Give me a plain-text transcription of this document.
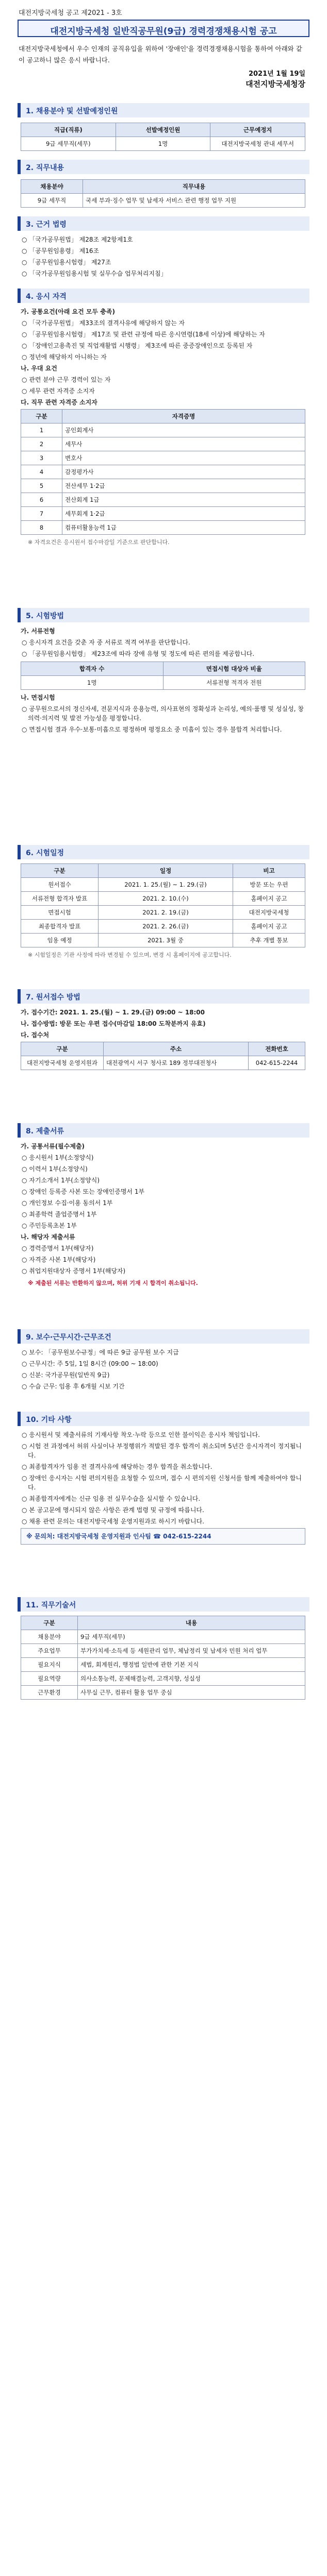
대전지방국세청 공고 제2021 - 3호
대전지방국세청 일반직공무원(9급) 경력경쟁채용시험 공고
대전지방국세청에서 우수 인재의 공직유입을 위하여 '장애인'을 경력경쟁채용시험을 통하여 아래와 같이 공고하니 많은 응시 바랍니다.
2021년 1월 19일
대전지방국세청장
1. 채용분야 및 선발예정인원
직급(직류)	선발예정인원	근무예정지
9급 세무직(세무)	1명	대전지방국세청 관내 세무서
2. 직무내용
채용분야	직무내용
9급 세무직	국세 부과·징수 업무 및 납세자 서비스 관련 행정 업무 지원
3. 근거 법령

○ 「국가공무원법」 제28조 제2항제1호

○ 「공무원임용령」 제16조

○ 「공무원임용시험령」 제27조

○ 「국가공무원임용시험 및 실무수습 업무처리지침」

4. 응시 자격

가. 공통요건(아래 요건 모두 충족)

○ 「국가공무원법」 제33조의 결격사유에 해당하지 않는 자

○ 「공무원임용시험령」 제17조 및 관련 규정에 따른 응시연령(18세 이상)에 해당하는 자

○ 「장애인고용촉진 및 직업재활법 시행령」 제3조에 따른 중증장애인으로 등록된 자

○ 정년에 해당하지 아니하는 자

나. 우대 요건

○ 관련 분야 근무 경력이 있는 자

○ 세무 관련 자격증 소지자

다. 직무 관련 자격증 소지자

구분	자격증명
1	공인회계사
2	세무사
3	변호사
4	감정평가사
5	전산세무 1·2급
6	전산회계 1급
7	세무회계 1·2급
8	컴퓨터활용능력 1급

※ 자격요건은 응시원서 접수마감일 기준으로 판단합니다.

5. 시험방법

가. 서류전형

○ 응시자격 요건을 갖춘 자 중 서류로 적격 여부를 판단합니다.

○ 「공무원임용시험령」 제23조에 따라 장애 유형 및 정도에 따른 편의를 제공합니다.

합격자 수	면접시험 대상자 비율
1명	서류전형 적격자 전원

나. 면접시험

○ 공무원으로서의 정신자세, 전문지식과 응용능력, 의사표현의 정확성과 논리성, 예의·품행 및 성실성, 창의력·의지력 및 발전 가능성을 평정합니다.

○ 면접시험 결과 우수·보통·미흡으로 평정하며 평정요소 중 미흡이 있는 경우 불합격 처리합니다.

6. 시험일정
구분	일정	비고
원서접수	2021. 1. 25.(월) ~ 1. 29.(금)	방문 또는 우편
서류전형 합격자 발표	2021. 2. 10.(수)	홈페이지 공고
면접시험	2021. 2. 19.(금)	대전지방국세청
최종합격자 발표	2021. 2. 26.(금)	홈페이지 공고
임용 예정	2021. 3월 중	추후 개별 통보

※ 시험일정은 기관 사정에 따라 변경될 수 있으며, 변경 시 홈페이지에 공고합니다.

7. 원서접수 방법

가. 접수기간: 2021. 1. 25.(월) ~ 1. 29.(금) 09:00 ~ 18:00

나. 접수방법: 방문 또는 우편 접수(마감일 18:00 도착분까지 유효)

다. 접수처

구분	주소	전화번호
대전지방국세청 운영지원과	대전광역시 서구 청사로 189 정부대전청사	042-615-2244
8. 제출서류

가. 공통서류(필수제출)

○ 응시원서 1부(소정양식)

○ 이력서 1부(소정양식)

○ 자기소개서 1부(소정양식)

○ 장애인 등록증 사본 또는 장애인증명서 1부

○ 개인정보 수집·이용 동의서 1부

○ 최종학력 졸업증명서 1부

○ 주민등록초본 1부

나. 해당자 제출서류

○ 경력증명서 1부(해당자)

○ 자격증 사본 1부(해당자)

○ 취업지원대상자 증명서 1부(해당자)

※ 제출된 서류는 반환하지 않으며, 허위 기재 시 합격이 취소됩니다.

9. 보수·근무시간·근무조건

○ 보수: 「공무원보수규정」에 따른 9급 공무원 보수 지급

○ 근무시간: 주 5일, 1일 8시간 (09:00 ~ 18:00)

○ 신분: 국가공무원(일반직 9급)

○ 수습 근무: 임용 후 6개월 시보 기간

10. 기타 사항

○ 응시원서 및 제출서류의 기재사항 착오·누락 등으로 인한 불이익은 응시자 책임입니다.

○ 시험 전 과정에서 허위 사실이나 부정행위가 적발된 경우 합격이 취소되며 5년간 응시자격이 정지됩니다.

○ 최종합격자가 임용 전 결격사유에 해당하는 경우 합격을 취소합니다.

○ 장애인 응시자는 시험 편의지원을 요청할 수 있으며, 접수 시 편의지원 신청서를 함께 제출하여야 합니다.

○ 최종합격자에게는 신규 임용 전 실무수습을 실시할 수 있습니다.

○ 본 공고문에 명시되지 않은 사항은 관계 법령 및 규정에 따릅니다.

○ 채용 관련 문의는 대전지방국세청 운영지원과로 하시기 바랍니다.

※ 문의처: 대전지방국세청 운영지원과 인사팀 ☎ 042-615-2244
11. 직무기술서
구분	내용
채용분야	9급 세무직(세무)
주요업무	부가가치세·소득세 등 세원관리 업무, 체납정리 및 납세자 민원 처리 업무
필요지식	세법, 회계원리, 행정법 일반에 관한 기본 지식
필요역량	의사소통능력, 문제해결능력, 고객지향, 성실성
근무환경	사무실 근무, 컴퓨터 활용 업무 중심
